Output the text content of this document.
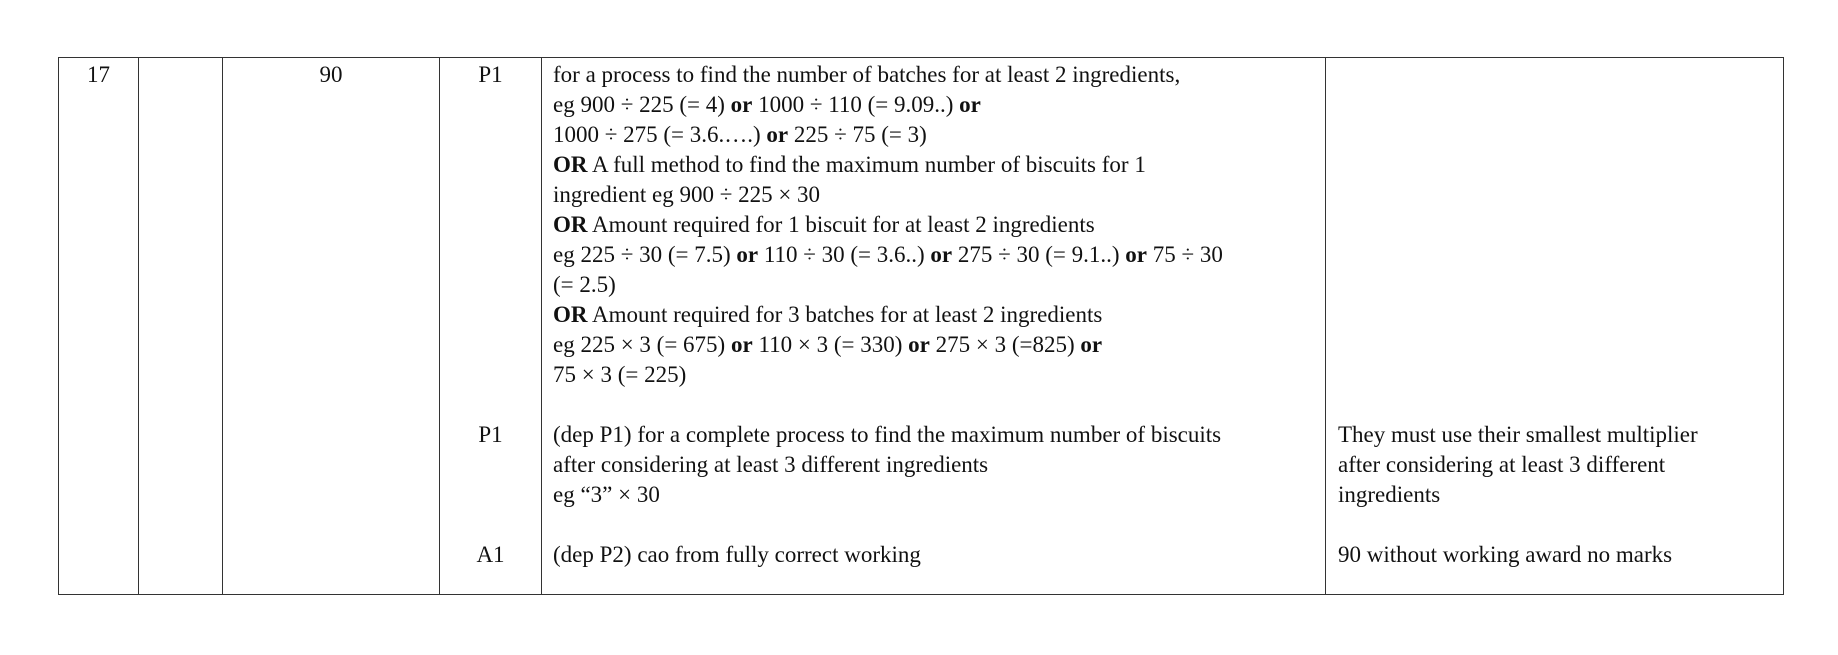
17	90	P1
P1
A1
for a process to find the number of batches for at least 2 ingredients,
eg 900 ÷ 225 (= 4) or 1000 ÷ 110 (= 9.09..) or
1000 ÷ 275 (= 3.6.….) or 225 ÷ 75 (= 3)
OR A full method to find the maximum number of biscuits for 1
ingredient eg 900 ÷ 225 × 30
OR Amount required for 1 biscuit for at least 2 ingredients
eg 225 ÷ 30 (= 7.5) or 110 ÷ 30 (= 3.6..) or 275 ÷ 30 (= 9.1..) or 75 ÷ 30
(= 2.5)
OR Amount required for 3 batches for at least 2 ingredients
eg 225 × 3 (= 675) or 110 × 3 (= 330) or 275 × 3 (=825) or
75 × 3 (= 225)
(dep P1) for a complete process to find the maximum number of biscuits
after considering at least 3 different ingredients
eg “3” × 30
(dep P2) cao from fully correct working
They must use their smallest multiplier
after considering at least 3 different
ingredients
90 without working award no marks
